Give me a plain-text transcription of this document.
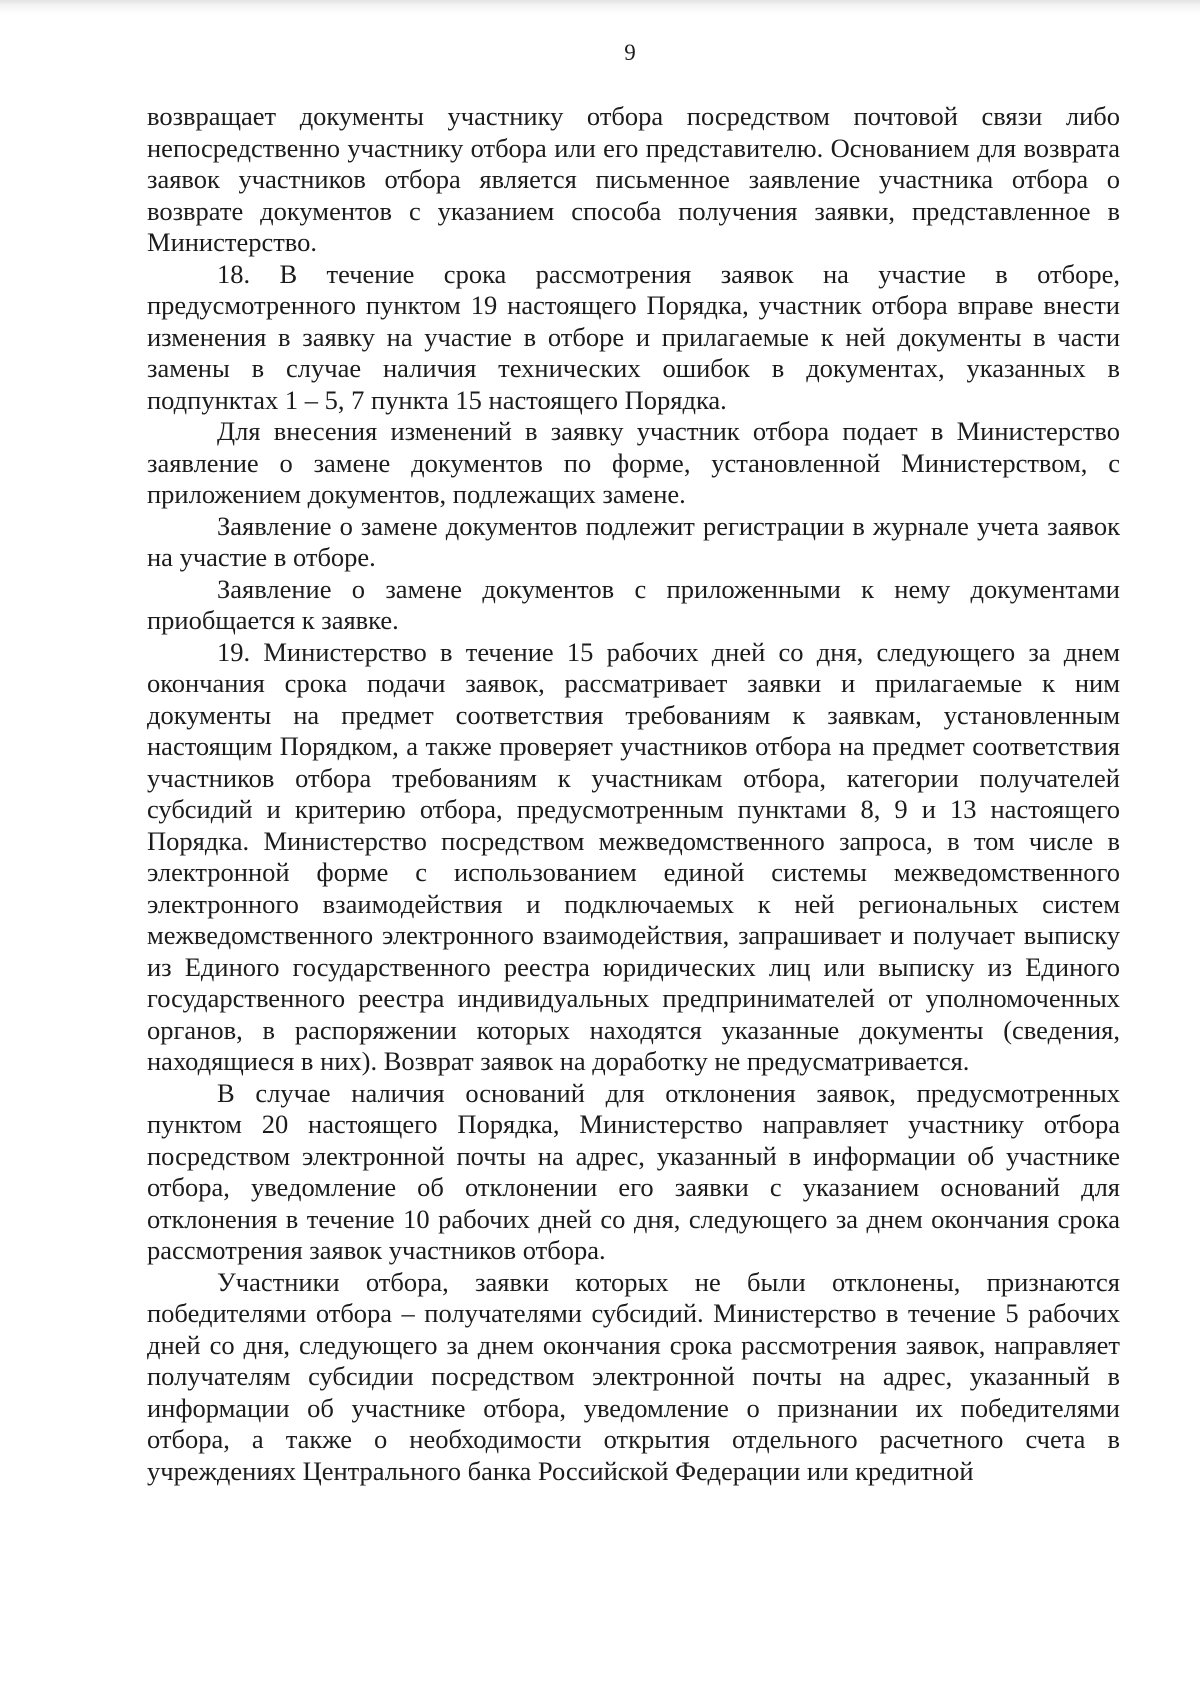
9

возвращает документы участнику отбора посредством почтовой связи либо непосредственно участнику отбора или его представителю. Основанием для возврата заявок участников отбора является письменное заявление участника отбора о возврате документов с указанием способа получения заявки, представленное в Министерство.

18. В течение срока рассмотрения заявок на участие в отборе, предусмотренного пунктом 19 настоящего Порядка, участник отбора вправе внести изменения в заявку на участие в отборе и прилагаемые к ней документы в части замены в случае наличия технических ошибок в документах, указанных в подпунктах 1 – 5, 7 пункта 15 настоящего Порядка.

Для внесения изменений в заявку участник отбора подает в Министерство заявление о замене документов по форме, установленной Министерством, с приложением документов, подлежащих замене.

Заявление о замене документов подлежит регистрации в журнале учета заявок на участие в отборе.

Заявление о замене документов с приложенными к нему документами приобщается к заявке.

19. Министерство в течение 15 рабочих дней со дня, следующего за днем окончания срока подачи заявок, рассматривает заявки и прилагаемые к ним документы на предмет соответствия требованиям к заявкам, установленным настоящим Порядком, а также проверяет участников отбора на предмет соответствия участников отбора требованиям к участникам отбора, категории получателей субсидий и критерию отбора, предусмотренным пунктами 8, 9 и 13 настоящего Порядка. Министерство посредством межведомственного запроса, в том числе в электронной форме с использованием единой системы межведомственного электронного взаимодействия и подключаемых к ней региональных систем межведомственного электронного взаимодействия, запрашивает и получает выписку из Единого государственного реестра юридических лиц или выписку из Единого государственного реестра индивидуальных предпринимателей от уполномоченных органов, в распоряжении которых находятся указанные документы (сведения, находящиеся в них). Возврат заявок на доработку не предусматривается.

В случае наличия оснований для отклонения заявок, предусмотренных пунктом 20 настоящего Порядка, Министерство направляет участнику отбора посредством электронной почты на адрес, указанный в информации об участнике отбора, уведомление об отклонении его заявки с указанием оснований для отклонения в течение 10 рабочих дней со дня, следующего за днем окончания срока рассмотрения заявок участников отбора.

Участники отбора, заявки которых не были отклонены, признаются победителями отбора – получателями субсидий. Министерство в течение 5 рабочих дней со дня, следующего за днем окончания срока рассмотрения заявок, направляет получателям субсидии посредством электронной почты на адрес, указанный в информации об участнике отбора, уведомление о признании их победителями отбора, а также о необходимости открытия отдельного расчетного счета в учреждениях Центрального банка Российской Федерации или кредитной
